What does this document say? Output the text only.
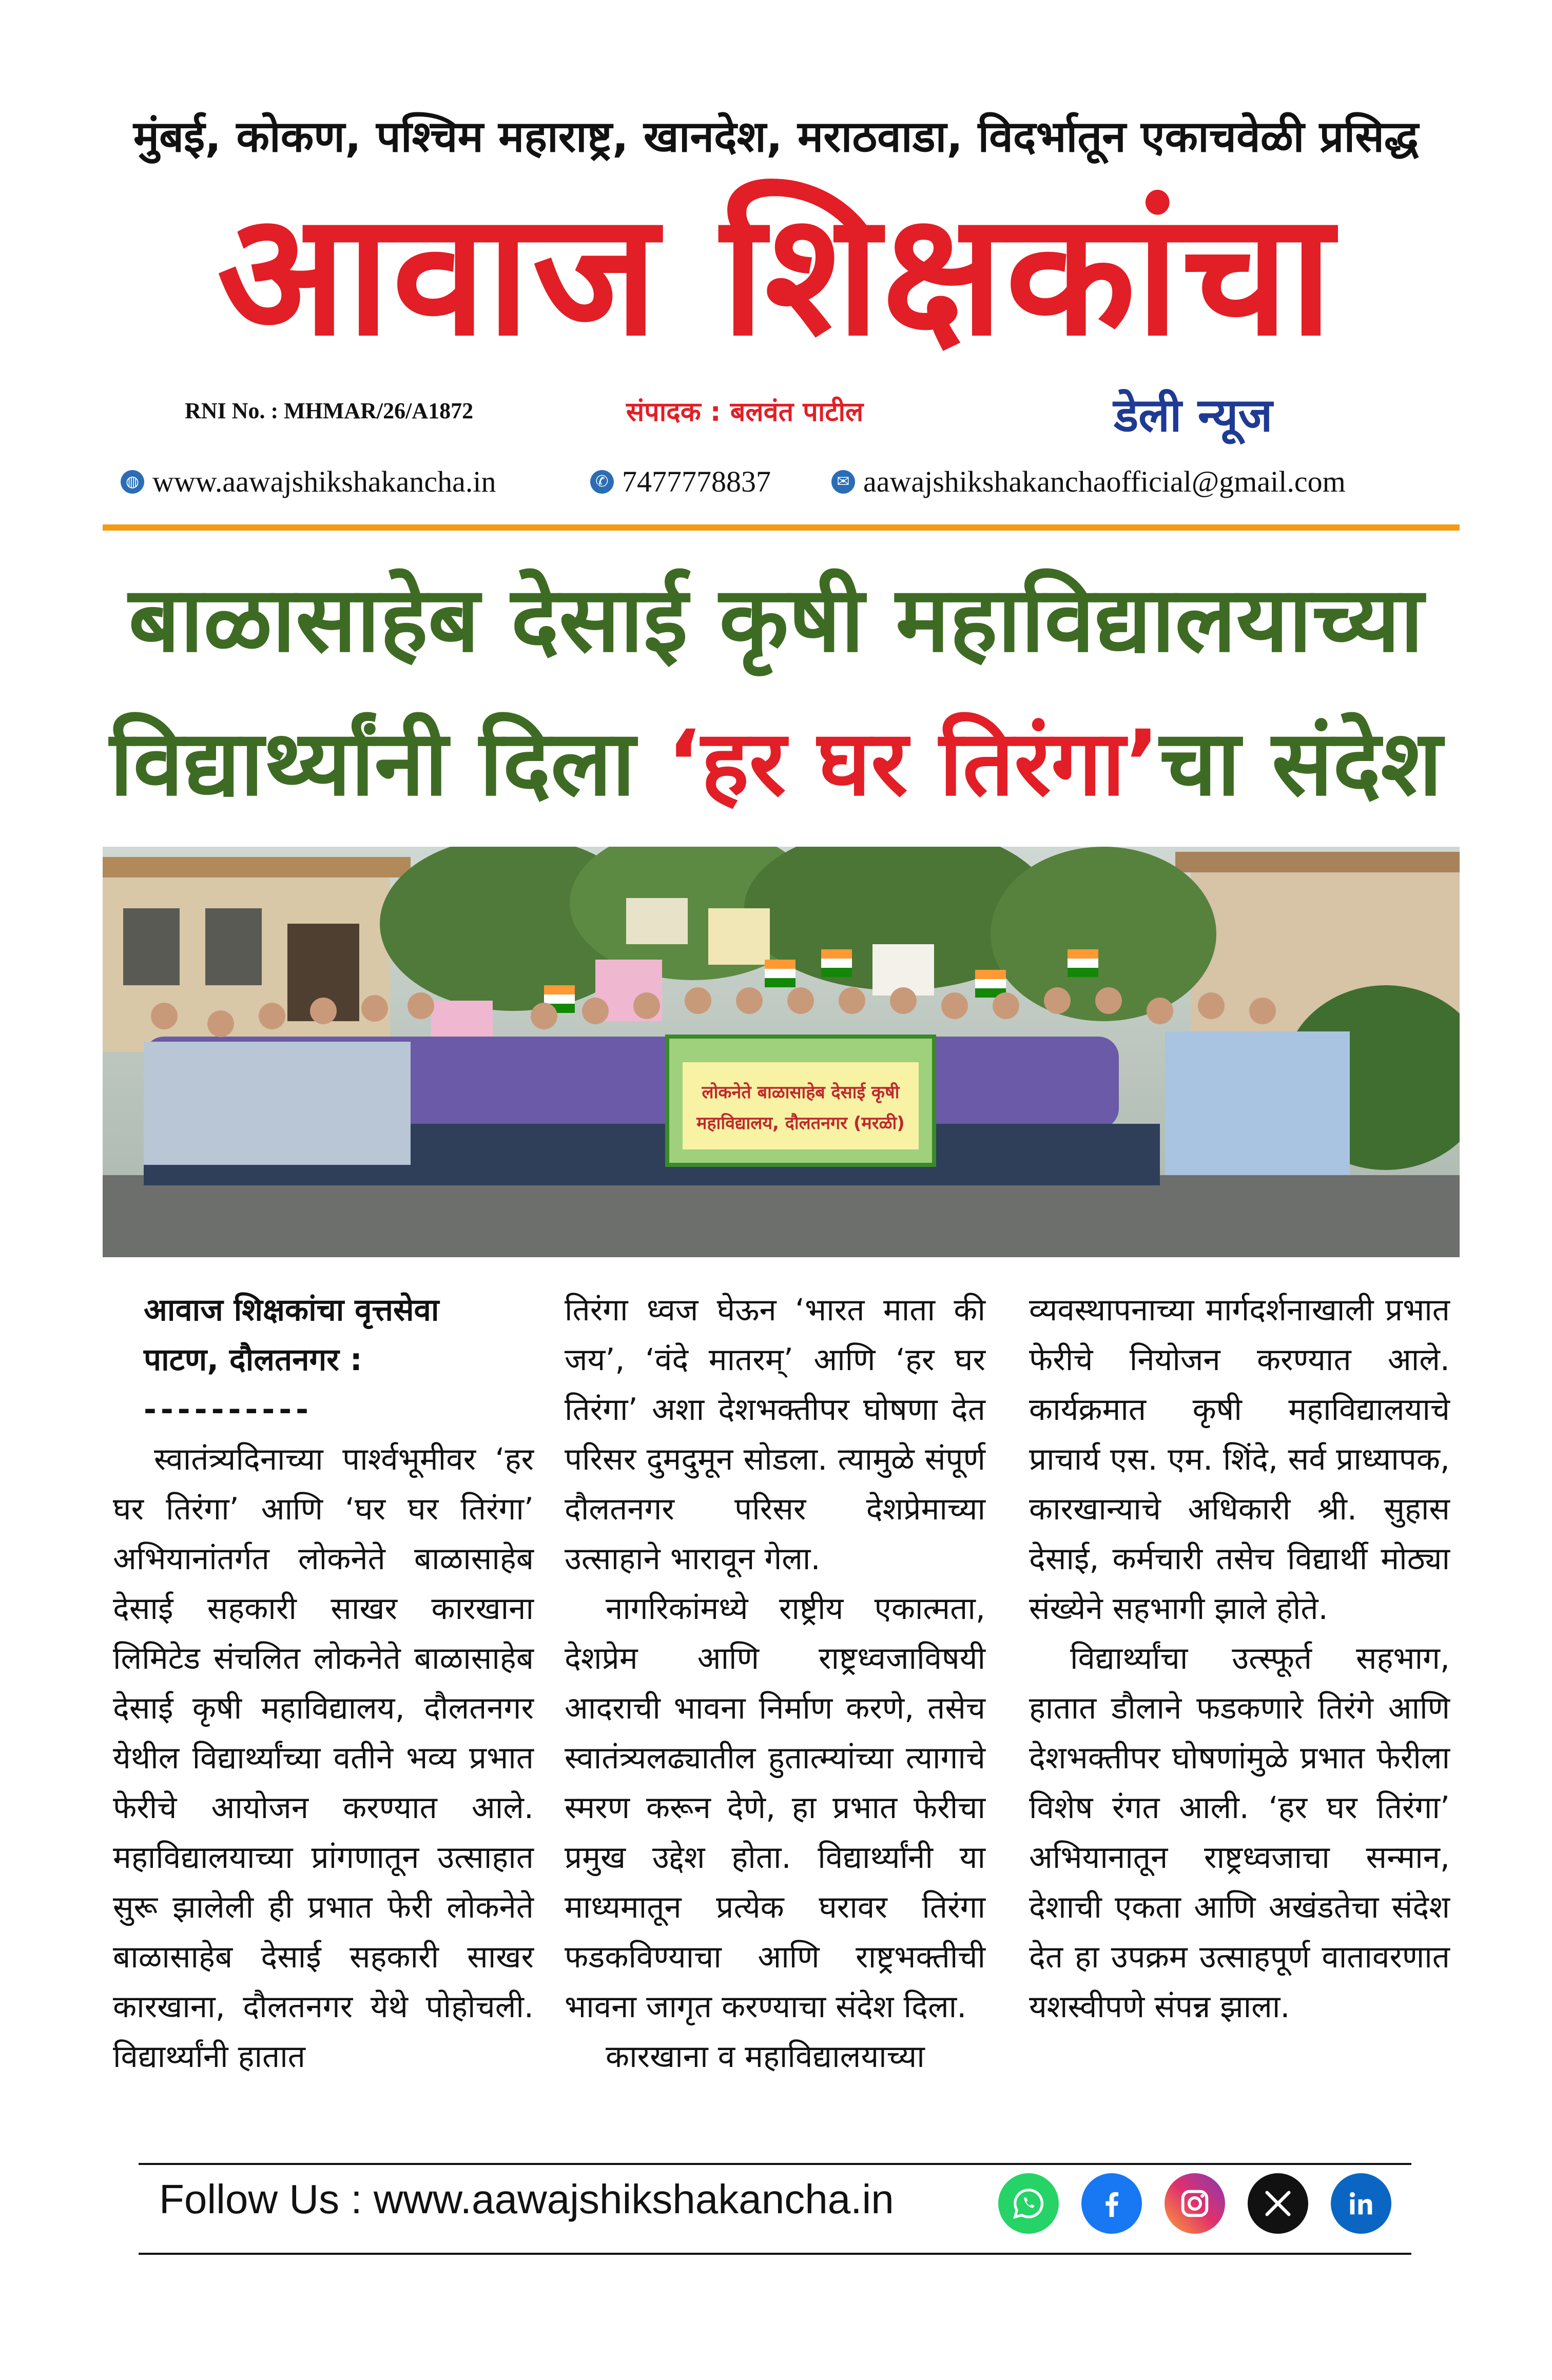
मुंबई, कोकण, पश्चिम महाराष्ट्र, खानदेश, मराठवाडा, विदर्भातून एकाचवेळी प्रसिद्ध
आवाज शिक्षकांचा
RNI No. : MHMAR/26/A1872	संपादक : बलवंत पाटील	डेली न्यूज
◍ www.aawajshikshakancha.in	✆ 7477778837	✉ aawajshikshakanchaofficial@gmail.com
बाळासाहेब देसाई कृषी महाविद्यालयाच्या
विद्यार्थ्यांनी दिला ‘हर घर तिरंगा’चा संदेश
लोकनेते बाळासाहेब देसाई कृषी
महाविद्यालय, दौलतनगर (मरळी)

आवाज शिक्षकांचा वृत्तसेवा

पाटण, दौलतनगर :

----------

स्वातंत्र्यदिनाच्या पार्श्वभूमीवर ‘हर घर तिरंगा’ आणि ‘घर घर तिरंगा’ अभियानांतर्गत लोकनेते बाळासाहेब देसाई सहकारी साखर कारखाना लिमिटेड संचलित लोकनेते बाळासाहेब देसाई कृषी महाविद्यालय, दौलतनगर येथील विद्यार्थ्यांच्या वतीने भव्य प्रभात फेरीचे आयोजन करण्यात आले. महाविद्यालयाच्या प्रांगणातून उत्साहात सुरू झालेली ही प्रभात फेरी लोकनेते बाळासाहेब देसाई सहकारी साखर कारखाना, दौलतनगर येथे पोहोचली. विद्यार्थ्यांनी हातात

तिरंगा ध्वज घेऊन ‘भारत माता की जय’, ‘वंदे मातरम्’ आणि ‘हर घर तिरंगा’ अशा देशभक्तीपर घोषणा देत परिसर दुमदुमून सोडला. त्यामुळे संपूर्ण दौलतनगर परिसर देशप्रेमाच्या उत्साहाने भारावून गेला.

नागरिकांमध्ये राष्ट्रीय एकात्मता, देशप्रेम आणि राष्ट्रध्वजाविषयी आदराची भावना निर्माण करणे, तसेच स्वातंत्र्यलढ्यातील हुतात्म्यांच्या त्यागाचे स्मरण करून देणे, हा प्रभात फेरीचा प्रमुख उद्देश होता. विद्यार्थ्यांनी या माध्यमातून प्रत्येक घरावर तिरंगा फडकविण्याचा आणि राष्ट्रभक्तीची भावना जागृत करण्याचा संदेश दिला.

कारखाना व महाविद्यालयाच्या

व्यवस्थापनाच्या मार्गदर्शनाखाली प्रभात फेरीचे नियोजन करण्यात आले. कार्यक्रमात कृषी महाविद्यालयाचे प्राचार्य एस. एम. शिंदे, सर्व प्राध्यापक, कारखान्याचे अधिकारी श्री. सुहास देसाई, कर्मचारी तसेच विद्यार्थी मोठ्या संख्येने सहभागी झाले होते.

विद्यार्थ्यांचा उत्स्फूर्त सहभाग, हातात डौलाने फडकणारे तिरंगे आणि देशभक्तीपर घोषणांमुळे प्रभात फेरीला विशेष रंगत आली. ‘हर घर तिरंगा’ अभियानातून राष्ट्रध्वजाचा सन्मान, देशाची एकता आणि अखंडतेचा संदेश देत हा उपक्रम उत्साहपूर्ण वातावरणात यशस्वीपणे संपन्न झाला.

Follow Us : www.aawajshikshakancha.in
